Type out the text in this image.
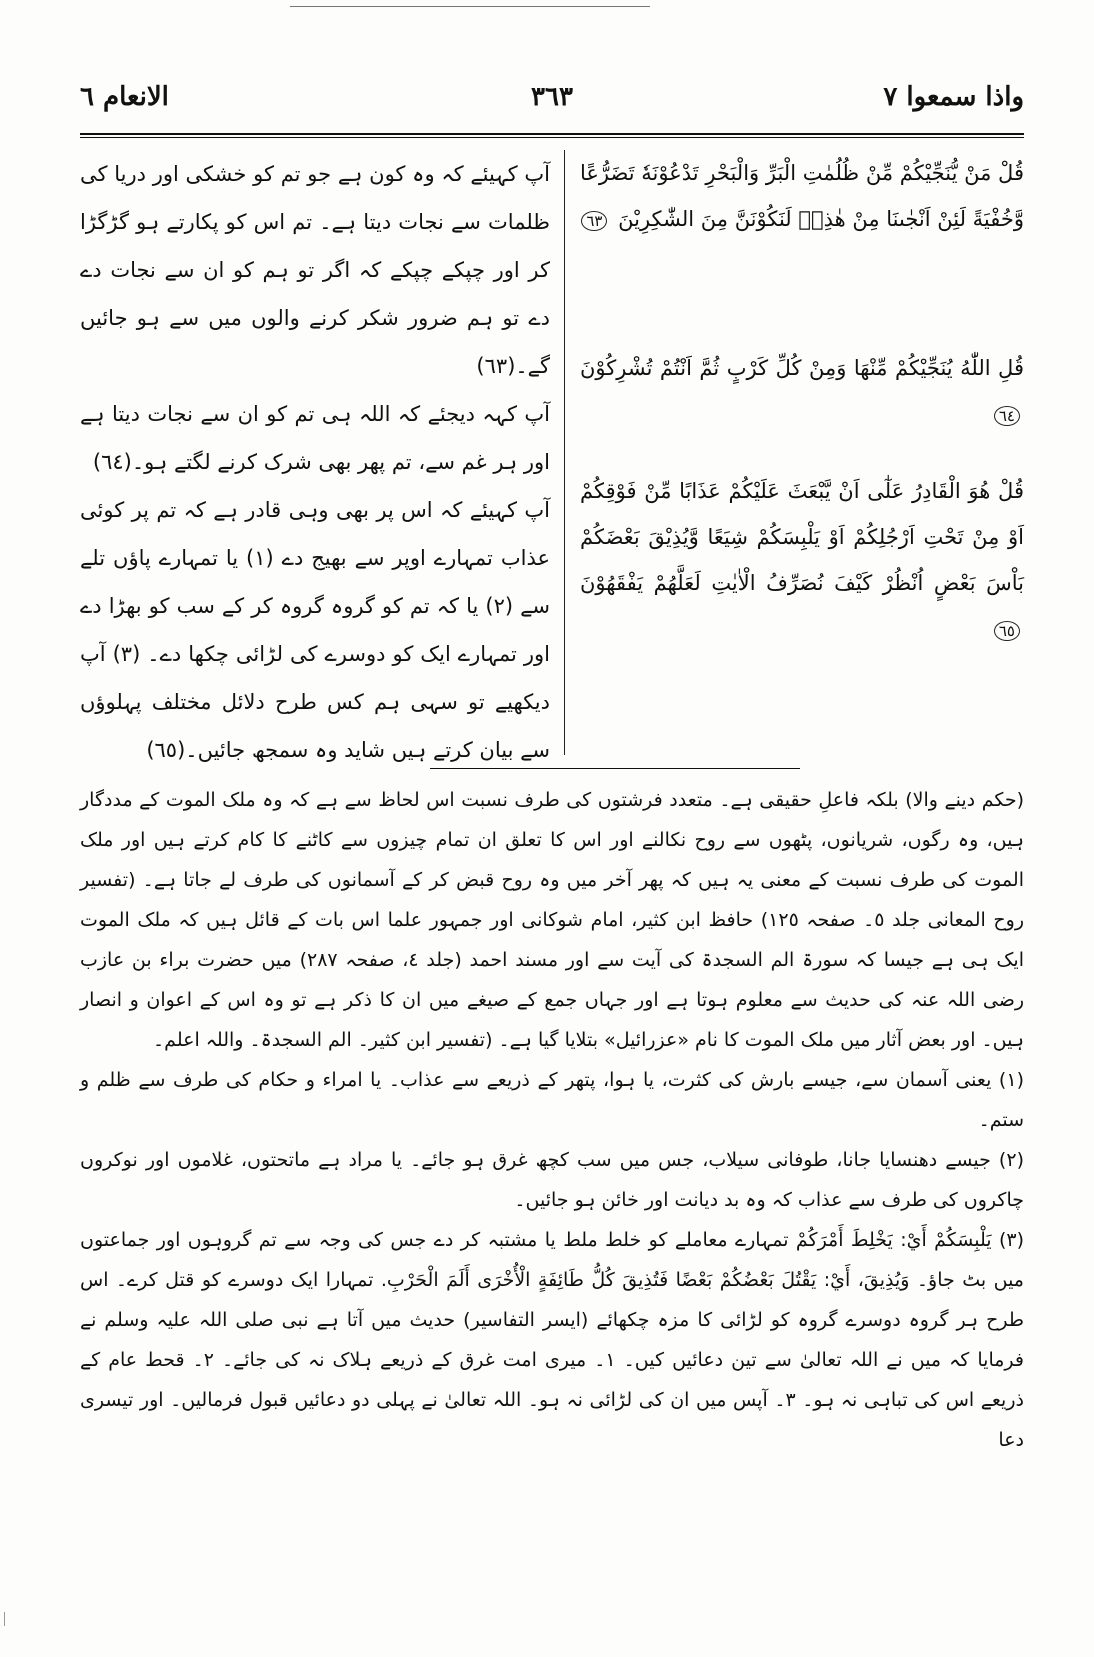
الانعام ٦	٣٦٣	واذا سمعوا ٧

آپ کہیئے کہ وہ کون ہے جو تم کو خشکی اور دریا کی ظلمات سے نجات دیتا ہے۔ تم اس کو پکارتے ہو گڑگڑا کر اور چپکے چپکے کہ اگر تو ہم کو ان سے نجات دے دے تو ہم ضرور شکر کرنے والوں میں سے ہو جائیں گے۔(٦٣)

آپ کہہ دیجئے کہ اللہ ہی تم کو ان سے نجات دیتا ہے اور ہر غم سے، تم پھر بھی شرک کرنے لگتے ہو۔(٦٤)

آپ کہیئے کہ اس پر بھی وہی قادر ہے کہ تم پر کوئی عذاب تمہارے اوپر سے بھیج دے (١) یا تمہارے پاؤں تلے سے (٢) یا کہ تم کو گروہ گروہ کر کے سب کو بھڑا دے اور تمہارے ایک کو دوسرے کی لڑائی چکھا دے۔ (٣) آپ دیکھیے تو سہی ہم کس طرح دلائل مختلف پہلوؤں سے بیان کرتے ہیں شاید وہ سمجھ جائیں۔(٦٥)

قُلْ مَنْ يُّنَجِّيْكُمْ مِّنْ ظُلُمٰتِ الْبَرِّ وَالْبَحْرِ تَدْعُوْنَهٗ تَضَرُّعًا وَّخُفْيَةً لَئِنْ اَنْجٰىنَا مِنْ هٰذِهٖ لَنَكُوْنَنَّ مِنَ الشّٰكِرِيْنَ ٦٣

قُلِ اللّٰهُ يُنَجِّيْكُمْ مِّنْهَا وَمِنْ كُلِّ كَرْبٍ ثُمَّ اَنْتُمْ تُشْرِكُوْنَ ٦٤

قُلْ هُوَ الْقَادِرُ عَلٰٓى اَنْ يَّبْعَثَ عَلَيْكُمْ عَذَابًا مِّنْ فَوْقِكُمْ اَوْ مِنْ تَحْتِ اَرْجُلِكُمْ اَوْ يَلْبِسَكُمْ شِيَعًا وَّيُذِيْقَ بَعْضَكُمْ بَاْسَ بَعْضٍ اُنْظُرْ كَيْفَ نُصَرِّفُ الْاٰيٰتِ لَعَلَّهُمْ يَفْقَهُوْنَ ٦٥

(حکم دینے والا) بلکہ فاعلِ حقیقی ہے۔ متعدد فرشتوں کی طرف نسبت اس لحاظ سے ہے کہ وہ ملک الموت کے مددگار ہیں، وہ رگوں، شریانوں، پٹھوں سے روح نکالنے اور اس کا تعلق ان تمام چیزوں سے کاٹنے کا کام کرتے ہیں اور ملک الموت کی طرف نسبت کے معنی یہ ہیں کہ پھر آخر میں وہ روح قبض کر کے آسمانوں کی طرف لے جاتا ہے۔ (تفسیر روح المعانی جلد ٥۔ صفحہ ١٢٥) حافظ ابن کثیر، امام شوکانی اور جمہور علما اس بات کے قائل ہیں کہ ملک الموت ایک ہی ہے جیسا کہ سورۃ الم السجدۃ کی آیت سے اور مسند احمد (جلد ٤، صفحہ ٢٨٧) میں حضرت براء بن عازب رضی اللہ عنہ کی حدیث سے معلوم ہوتا ہے اور جہاں جمع کے صیغے میں ان کا ذکر ہے تو وہ اس کے اعوان و انصار ہیں۔ اور بعض آثار میں ملک الموت کا نام «عزرائیل» بتلایا گیا ہے۔ (تفسیر ابن کثیر۔ الم السجدۃ۔ واللہ اعلم۔

(١) یعنی آسمان سے، جیسے بارش کی کثرت، یا ہوا، پتھر کے ذریعے سے عذاب۔ یا امراء و حکام کی طرف سے ظلم و ستم۔

(٢) جیسے دھنسایا جانا، طوفانی سیلاب، جس میں سب کچھ غرق ہو جائے۔ یا مراد ہے ماتحتوں، غلاموں اور نوکروں چاکروں کی طرف سے عذاب کہ وہ بد دیانت اور خائن ہو جائیں۔

(٣) يَلْبِسَكُمْ أَيْ: يَخْلِطَ أَمْرَكُمْ تمہارے معاملے کو خلط ملط یا مشتبہ کر دے جس کی وجہ سے تم گروہوں اور جماعتوں میں بٹ جاؤ۔ وَيُذِيقَ، أَيْ: يَقْتُلَ بَعْضُكُمْ بَعْضًا فَتُذِيقَ كُلُّ طَائِفَةٍ الْأُخْرَى أَلَمَ الْحَرْبِ. تمہارا ایک دوسرے کو قتل کرے۔ اس طرح ہر گروہ دوسرے گروہ کو لڑائی کا مزہ چکھائے (ایسر التفاسیر) حدیث میں آتا ہے نبی صلی اللہ علیہ وسلم نے فرمایا کہ میں نے اللہ تعالیٰ سے تین دعائیں کیں۔ ١۔ میری امت غرق کے ذریعے ہلاک نہ کی جائے۔ ٢۔ قحط عام کے ذریعے اس کی تباہی نہ ہو۔ ٣۔ آپس میں ان کی لڑائی نہ ہو۔ اللہ تعالیٰ نے پہلی دو دعائیں قبول فرمالیں۔ اور تیسری دعا
